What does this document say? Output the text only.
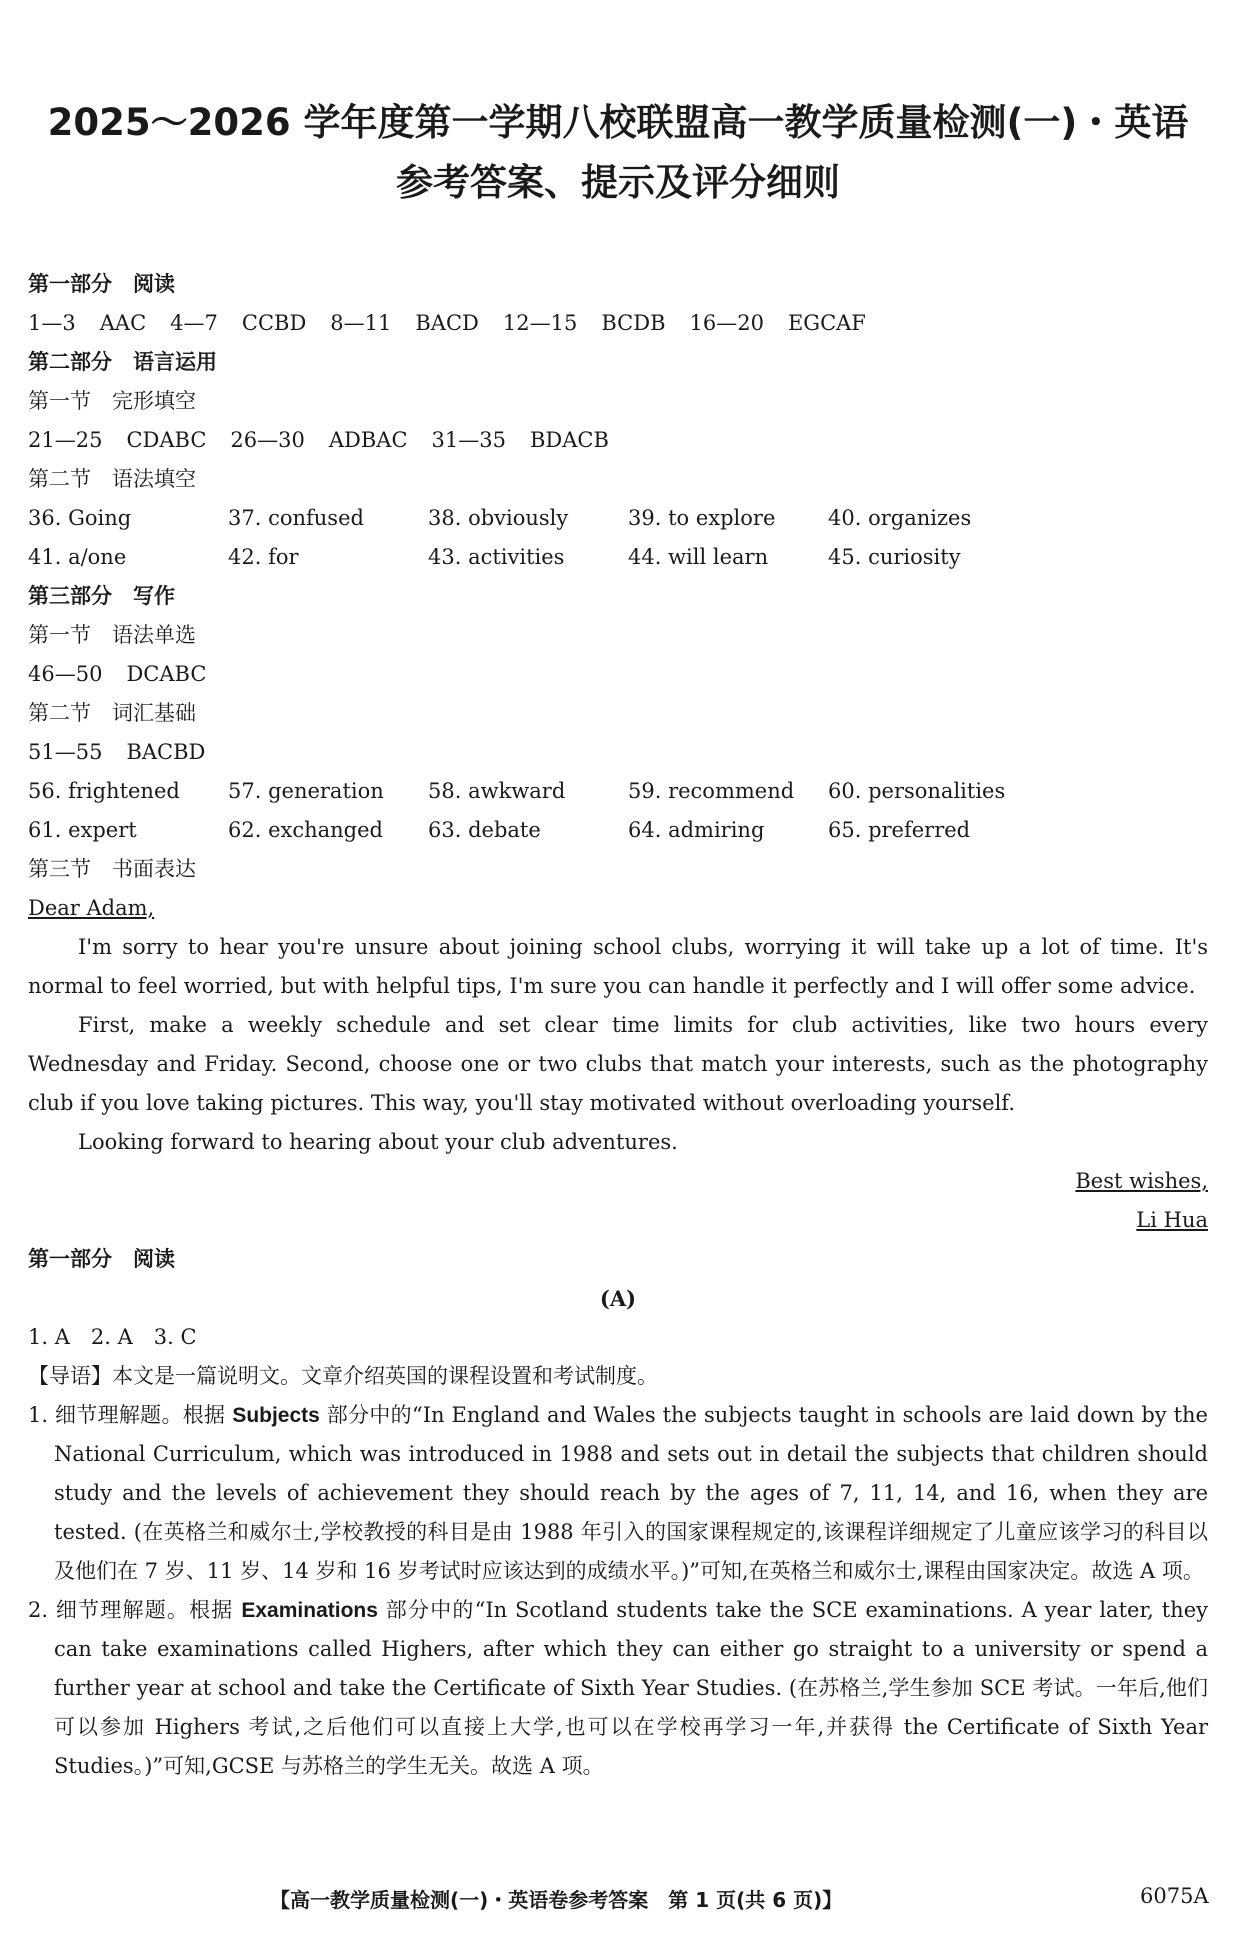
2025～2026 学年度第一学期八校联盟高一教学质量检测(一)・英语
参考答案、提示及评分细则
第一部分　阅读
1—3 AAC 4—7 CCBD 8—11 BACD 12—15 BCDB 16—20 EGCAF
第二部分　语言运用
第一节　完形填空
21—25 CDABC 26—30 ADBAC 31—35 BDACB
第二节　语法填空
36. Going	37. confused	38. obviously	39. to explore	40. organizes
41. a/one	42. for	43. activities	44. will learn	45. curiosity
第三部分　写作
第一节　语法单选
46—50 DCABC
第二节　词汇基础
51—55 BACBD
56. frightened 57. generation 58. awkward	59. recommend 60. personalities
61. expert	62. exchanged 63. debate	64. admiring	65. preferred
第三节　书面表达
Dear Adam,
I'm sorry to hear you're unsure about joining school clubs, worrying it will take up a lot of time. It's normal to feel worried, but with helpful tips, I'm sure you can handle it perfectly and I will offer some advice.
First, make a weekly schedule and set clear time limits for club activities, like two hours every Wednesday and Friday. Second, choose one or two clubs that match your interests, such as the photography club if you love taking pictures. This way, you'll stay motivated without overloading yourself.
Looking forward to hearing about your club adventures.
Best wishes,
Li Hua
第一部分　阅读
(A)
1. A　2. A　3. C
【导语】本文是一篇说明文。文章介绍英国的课程设置和考试制度。
1. 细节理解题。根据 Subjects 部分中的“In England and Wales the subjects taught in schools are laid down by the National Curriculum, which was introduced in 1988 and sets out in detail the subjects that children should study and the levels of achievement they should reach by the ages of 7, 11, 14, and 16, when they are tested. (在英格兰和威尔士,学校教授的科目是由 1988 年引入的国家课程规定的,该课程详细规定了儿童应该学习的科目以及他们在 7 岁、11 岁、14 岁和 16 岁考试时应该达到的成绩水平。)”可知,在英格兰和威尔士,课程由国家决定。故选 A 项。
2. 细节理解题。根据 Examinations 部分中的“In Scotland students take the SCE examinations. A year later, they can take examinations called Highers, after which they can either go straight to a university or spend a further year at school and take the Certificate of Sixth Year Studies. (在苏格兰,学生参加 SCE 考试。一年后,他们可以参加 Highers 考试,之后他们可以直接上大学,也可以在学校再学习一年,并获得 the Certificate of Sixth Year Studies。)”可知,GCSE 与苏格兰的学生无关。故选 A 项。
【高一教学质量检测(一)・英语卷参考答案　第 1 页(共 6 页)】	6075A
